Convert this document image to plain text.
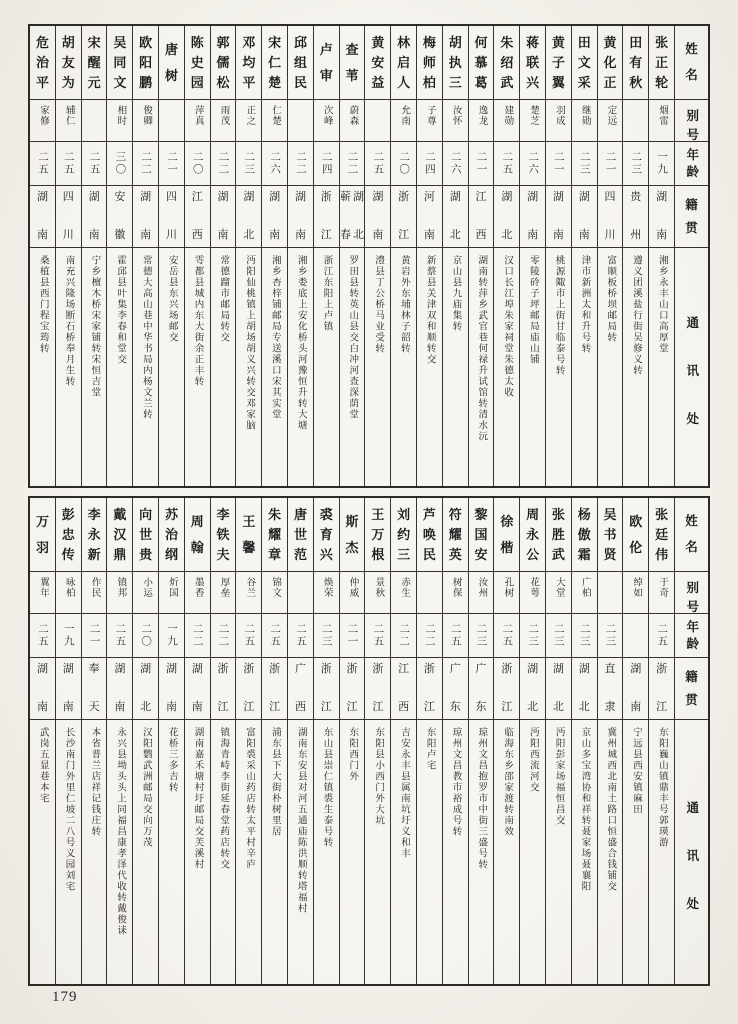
姓
名
别
号
年
龄
籍
贯
通
讯
处
张
正
轮
烟雷
一九
湖
南
湘乡永丰山口高厚堂
田
有
秋
二三
贵
州
遵义团溪盐行街吴修义转
黄
化
正
定远
二一
四
川
富顺板桥坝邮局转
田
文
采
继勋
二三
湖
南
津市新洲太和升号转
黄
子
翼
羽成
二一
湖
南
桃源陬市上街甘临泰号转
蒋
联
兴
楚芝
二六
湖
南
零陵砱子坪邮局庙山铺
朱
绍
武
建勋
二五
湖
北
汉口长江埠朱家祠堂朱德太收
何
慕
葛
逸龙
二一
江
西
湖南转萍乡武官巷何禄升试馆转清水沅
胡
执
三
汝怀
二六
湖
北
京山县九庙集转
梅
师
柏
子尊
二四
河
南
新蔡县关津双和顺转交
林
启
人
允南
二〇
浙
江
黄岩外东埔林子韶转
黄
安
益
二五
湖
南
澧县丁公桥马业受转
查
苇
蔚森
二二
湖
北
蕲
春
罗田县转英山县交白冲河查深荫堂
卢
审
次峰
二四
浙
江
浙江东阳上卢镇
邱
组
民
二二
湖
南
湘乡娄底上安化桥头河豫恒升转大塘
宋
仁
楚
仁楚
二六
湖
南
湘乡杏梓铺邮局专送溪口宋其实堂
邓
均
平
正之
二三
湖
北
沔阳仙桃镇上胡场胡义兴转交邓家脑
郭
儒
松
雨茂
二二
湖
南
常德蹓市邮局转交
陈
史
园
萍真
二〇
江
西
雩都县城内东大街余正丰转
唐
树
二一
四
川
安岳县东兴场邮交
欧
阳
鹏
俊卿
二二
湖
南
常德大高山巷中华书局内杨文兰转
吴
同
文
相时
三〇
安
徽
霍邱县叶集李春和堂交
宋
醒
元
二五
湖
南
宁乡檀木桥宋家铺转宋恒吉堂
胡
友
为
辅仁
二五
四
川
南充兴隆场断石桥奉月生转
危
治
平
家修
二五
湖
南
桑植县西门程宝筠转
姓
名
别
号
年
龄
籍
贯
通
讯
处
张
廷
伟
于奇
二五
浙
江
东阳巍山镇鼎丰号郭瑛游
欧
伦
绰如
湖
南
宁远县西安镇麻田
吴
书
贤
二三
直
隶
冀州城西北南土路口恒盛合钱铺交
杨
傲
霜
广柏
二三
湖
北
京山多宝湾协和祥转聂家场聂襄阳
张
胜
武
大堂
二三
湖
北
沔阳彭家场福恒昌交
周
永
公
花萼
二三
湖
北
沔阳西流河交
徐
楷
孔树
二五
浙
江
临海东乡邵家渡转南效
黎
国
安
汝州
二三
广
东
琼州文昌抱罗市中街三盛号转
符
耀
英
树保
二五
广
东
琼州文昌教市裕成号转
芦
唤
民
二二
浙
江
东阳卢宅
刘
约
三
赤生
二二
江
西
吉安永丰县属南坑圩义和丰
王
万
根
景秋
二五
浙
江
东阳县小西门外大坑
斯
杰
仲威
二一
浙
江
东阳西门外
裘
育
兴
焕荣
二三
浙
江
东山县崇仁镇裘生泰号转
唐
世
范
二五
广
西
湖南东安县对河五通庙陈洪顺转塔福村
朱
耀
章
锦文
二五
浙
江
浦东县下大街朴树里居
王
馨
谷兰
二五
浙
江
富阳裘采山药店转太平村辛庐
李
铁
夫
厚垒
二二
浙
江
镇海青峙李街延春堂药店转交
周
翰
墨香
二二
湖
南
湖南嘉禾塘村圩邮局交芙溪村
苏
治
纲
炘国
一九
湖
南
花桥三多吉转
向
世
贵
小运
二〇
湖
北
汉阳鹦武洲邮局交向万茂
戴
汉
鼎
镇邦
二五
湖
南
永兴县坳头头上同福昌康孝泽代收转戴俊诔
李
永
新
作民
二一
奉
天
本省普兰店祥记钱庄转
彭
忠
传
咏柏
一九
湖
南
长沙南门外里仁坡二八号义园刘宅
万
羽
翼年
二五
湖
南
武岗五显巷本宅
179
